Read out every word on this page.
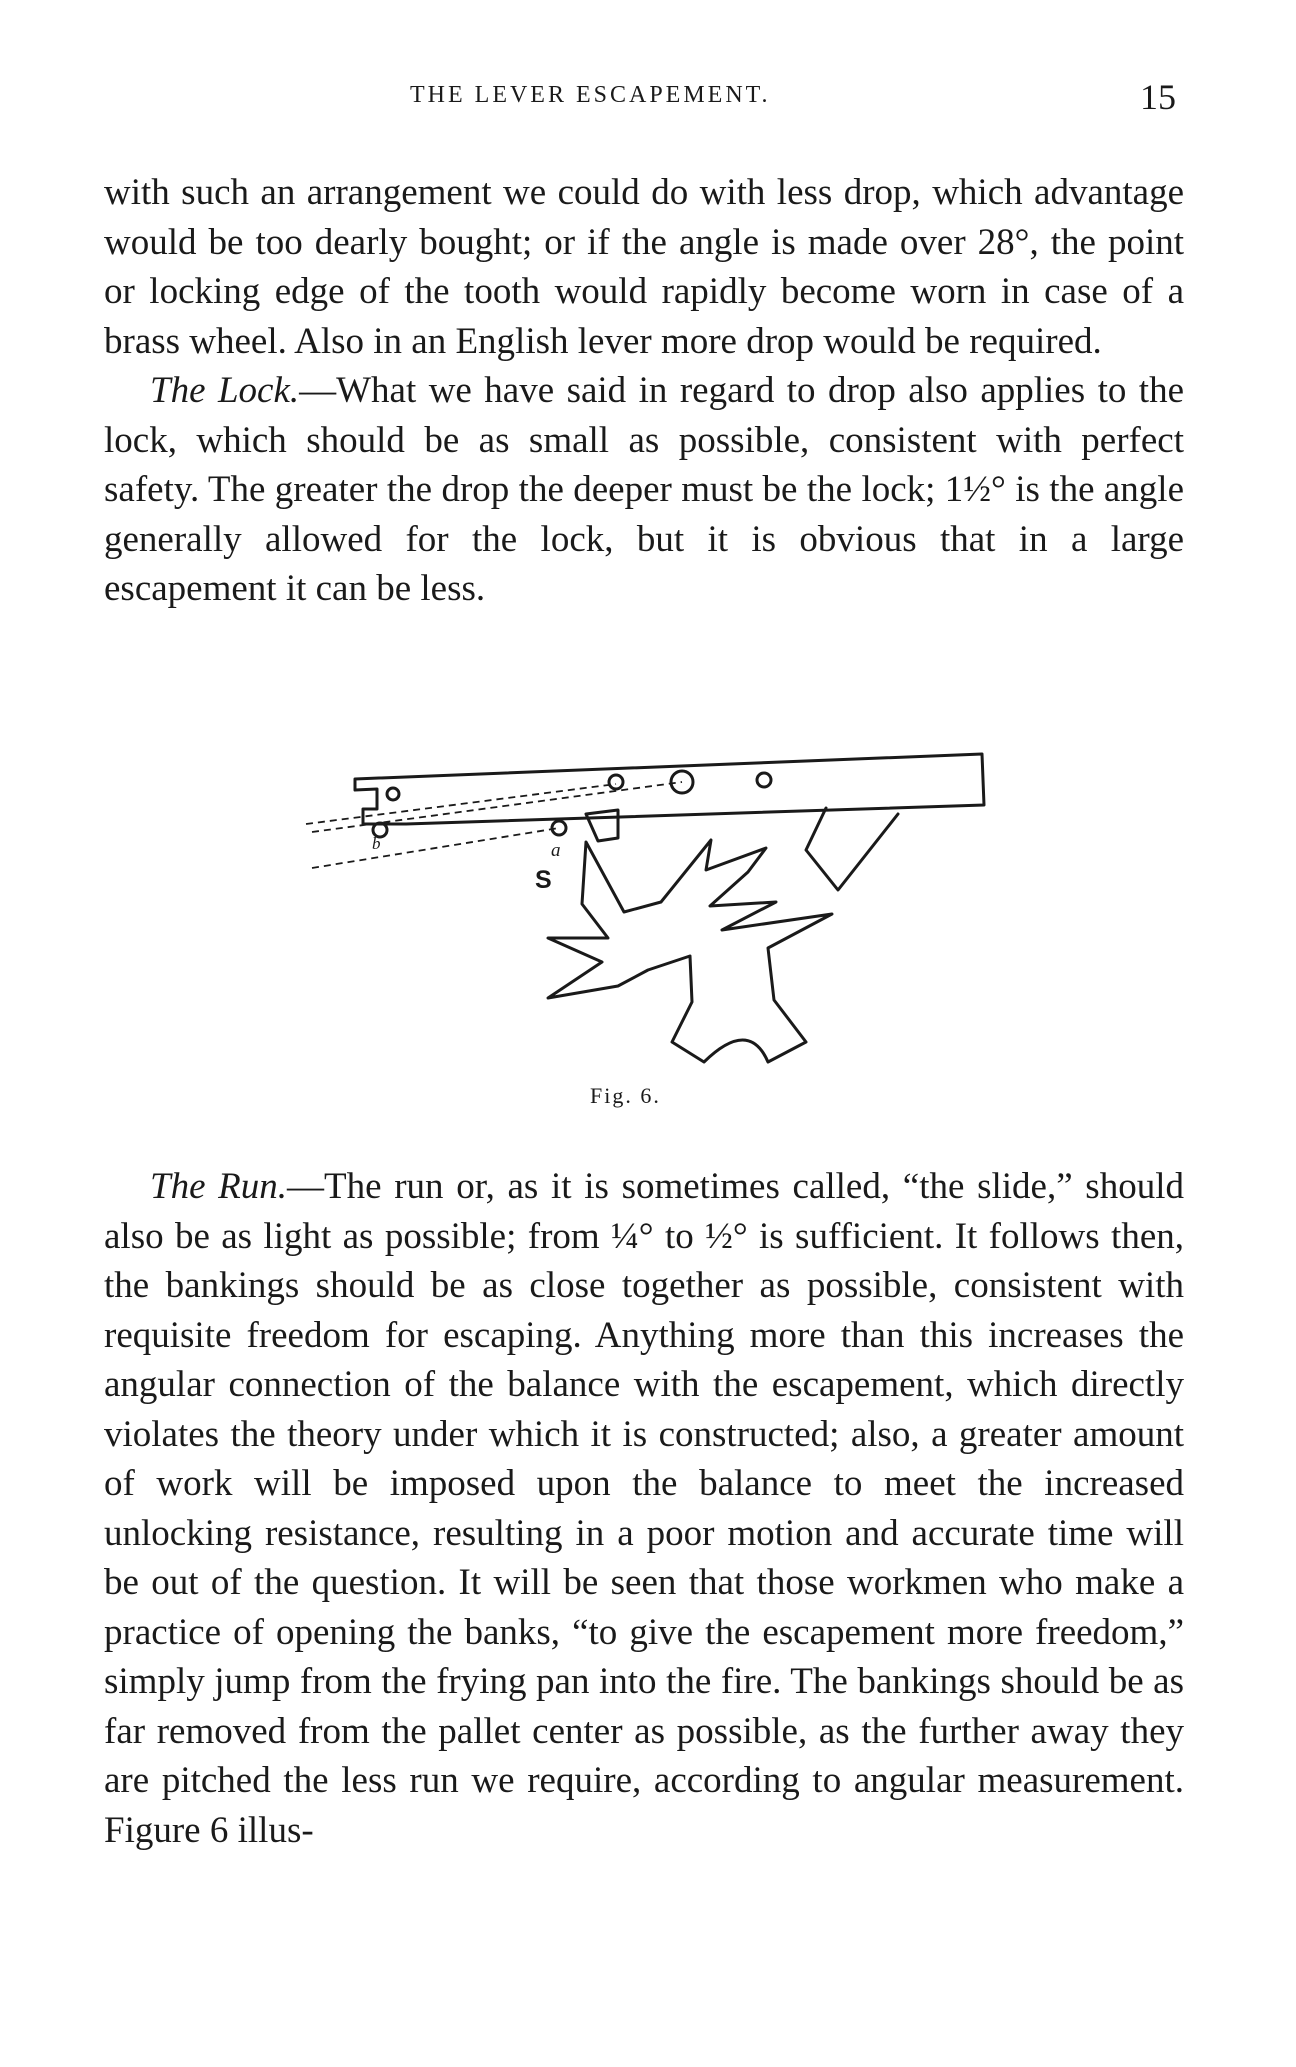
THE LEVER ESCAPEMENT.	15

with such an arrangement we could do with less drop, which advantage would be too dearly bought; or if the angle is made over 28°, the point or locking edge of the tooth would rapidly become worn in case of a brass wheel. Also in an English lever more drop would be required.

The Lock.—What we have said in regard to drop also applies to the lock, which should be as small as possible, consistent with perfect safety. The greater the drop the deeper must be the lock; 1½° is the angle generally allowed for the lock, but it is obvious that in a large escapement it can be less.

b	a
S
Fig. 6.

The Run.—The run or, as it is sometimes called, “the slide,” should also be as light as possible; from ¼° to ½° is sufficient. It follows then, the bankings should be as close together as possible, consistent with requisite freedom for escaping. Anything more than this increases the angular connection of the balance with the escapement, which directly violates the theory under which it is constructed; also, a greater amount of work will be imposed upon the balance to meet the increased unlocking resistance, resulting in a poor motion and accurate time will be out of the question. It will be seen that those workmen who make a practice of opening the banks, “to give the escapement more freedom,” simply jump from the frying pan into the fire. The bankings should be as far removed from the pallet center as possible, as the further away they are pitched the less run we require, according to angular measurement. Figure 6 illus-
